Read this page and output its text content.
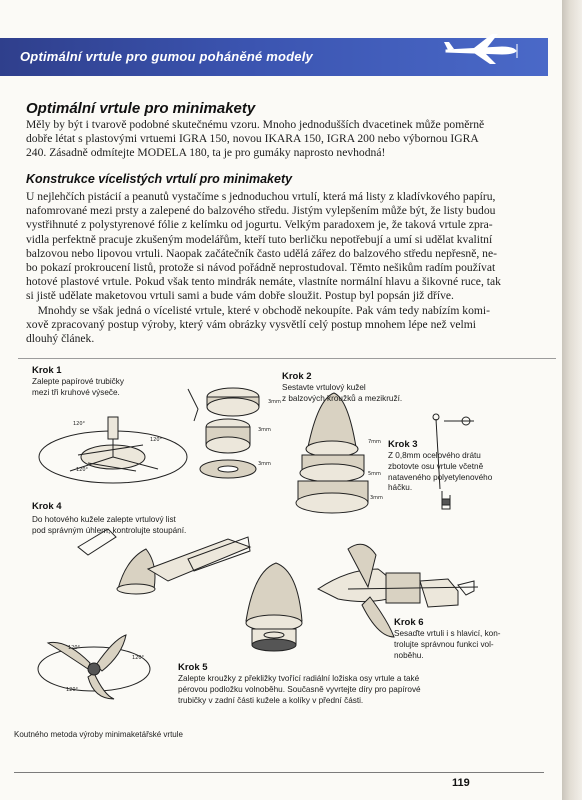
Optimální vrtule pro gumou poháněné modely
Optimální vrtule pro minimakety
Měly by být i tvarově podobné skutečnému vzoru. Mnoho jednodušších dvacetinek může poměrně
dobře létat s plastovými vrtuemi IGRA 150, novou IKARA 150, IGRA 200 nebo výbornou IGRA
240. Zásadně odmítejte MODELA 180, ta je pro gumáky naprosto nevhodná!
Konstrukce vícelistých vrtulí pro minimakety
U nejlehčích pistácií a peanutů vystačíme s jednoduchou vrtulí, která má listy z kladívkového papíru,
nafomrované mezi prsty a zalepené do balzového středu. Jistým vylepšením může být, že listy budou
vystřihnuté z polystyrenové fólie z kelímku od jogurtu. Velkým paradoxem je, že taková vrtule zpra-
vidla perfektně pracuje zkušeným modelářům, kteří tuto berličku nepotřebují a umí si udělat kvalitní
balzovou nebo lipovou vrtuli. Naopak začátečník často udělá zářez do balzového středu nepřesně, ne-
bo pokazí prokroucení listů, protože si návod pořádně neprostudoval. Těmto nešikům radím používat
hotové plastové vrtule. Pokud však tento mindrák nemáte, vlastníte normální hlavu a šikovné ruce, tak
si jistě udělate maketovou vrtuli sami a bude vám dobře sloužit. Postup byl popsán již dříve.
Mnohdy se však jedná o vícelisté vrtule, které v obchodě nekoupíte. Pak vám tedy nabízím komi-
xově zpracovaný postup výroby, který vám obrázky vysvětlí celý postup mnohem lépe než velmi
dlouhý článek.
120°
120°
120°
3mm
3mm
3mm
7mm
5mm
3mm
120°
120°
120°
Krok 1
Zalepte papírové trubičky
mezi tři kruhové výseče.
Krok 2
Sestavte vrtulový kužel
z balzových kroužků a mezikruží.
Krok 3
Z 0,8mm ocelového drátu
zbotovte osu vrtule včetně
nataveného polyetylenového
háčku.
Krok 4
Do hotového kužele zalepte vrtulový list
pod správným úhlem, kontrolujte stoupání.
Krok 5
Zalepte kroužky z překližky tvořící radiální ložiska osy vrtule a také
pérovou podložku volnoběhu. Současně vyvrtejte díry pro papírové
trubičky v zadní části kužele a kolíky v přední části.
Krok 6
Sesaďte vrtuli i s hlavicí, kon-
trolujte správnou funkci vol-
noběhu.
Koutného metoda výroby minimaketářské vrtule
119
